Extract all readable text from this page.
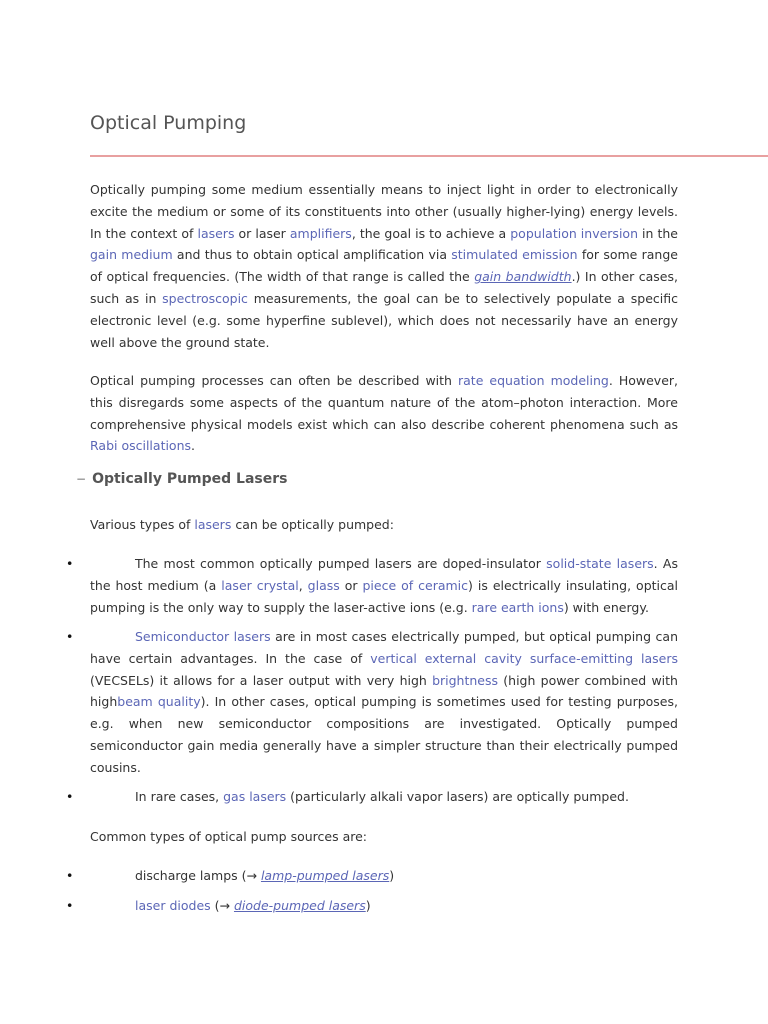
Optical Pumping

Optically pumping some medium essentially means to inject light in order to electronically excite the medium or some of its constituents into other (usually higher-lying) energy levels. In the context of lasers or laser amplifiers, the goal is to achieve a population inversion in the gain medium and thus to obtain optical amplification via stimulated emission for some range of optical frequencies. (The width of that range is called the gain bandwidth.) In other cases, such as in spectroscopic measurements, the goal can be to selectively populate a specific electronic level (e.g. some hyperfine sublevel), which does not necessarily have an energy well above the ground state.

Optical pumping processes can often be described with rate equation modeling. However, this disregards some aspects of the quantum nature of the atom–photon interaction. More comprehensive physical models exist which can also describe coherent phenomena such as Rabi oscillations.

− Optically Pumped Lasers

Various types of lasers can be optically pumped:

•	The most common optically pumped lasers are doped-insulator solid-state lasers. As the host medium (a laser crystal, glass or piece of ceramic) is electrically insulating, optical pumping is the only way to supply the laser-active ions (e.g. rare earth ions) with energy.

•	Semiconductor lasers are in most cases electrically pumped, but optical pumping can have certain advantages. In the case of vertical external cavity surface-emitting lasers (VECSELs) it allows for a laser output with very high brightness (high power combined with highbeam quality). In other cases, optical pumping is sometimes used for testing purposes, e.g. when new semiconductor compositions are investigated. Optically pumped semiconductor gain media generally have a simpler structure than their electrically pumped cousins.

•	In rare cases, gas lasers (particularly alkali vapor lasers) are optically pumped.

Common types of optical pump sources are:

•	discharge lamps (→ lamp-pumped lasers)

•	laser diodes (→ diode-pumped lasers)
